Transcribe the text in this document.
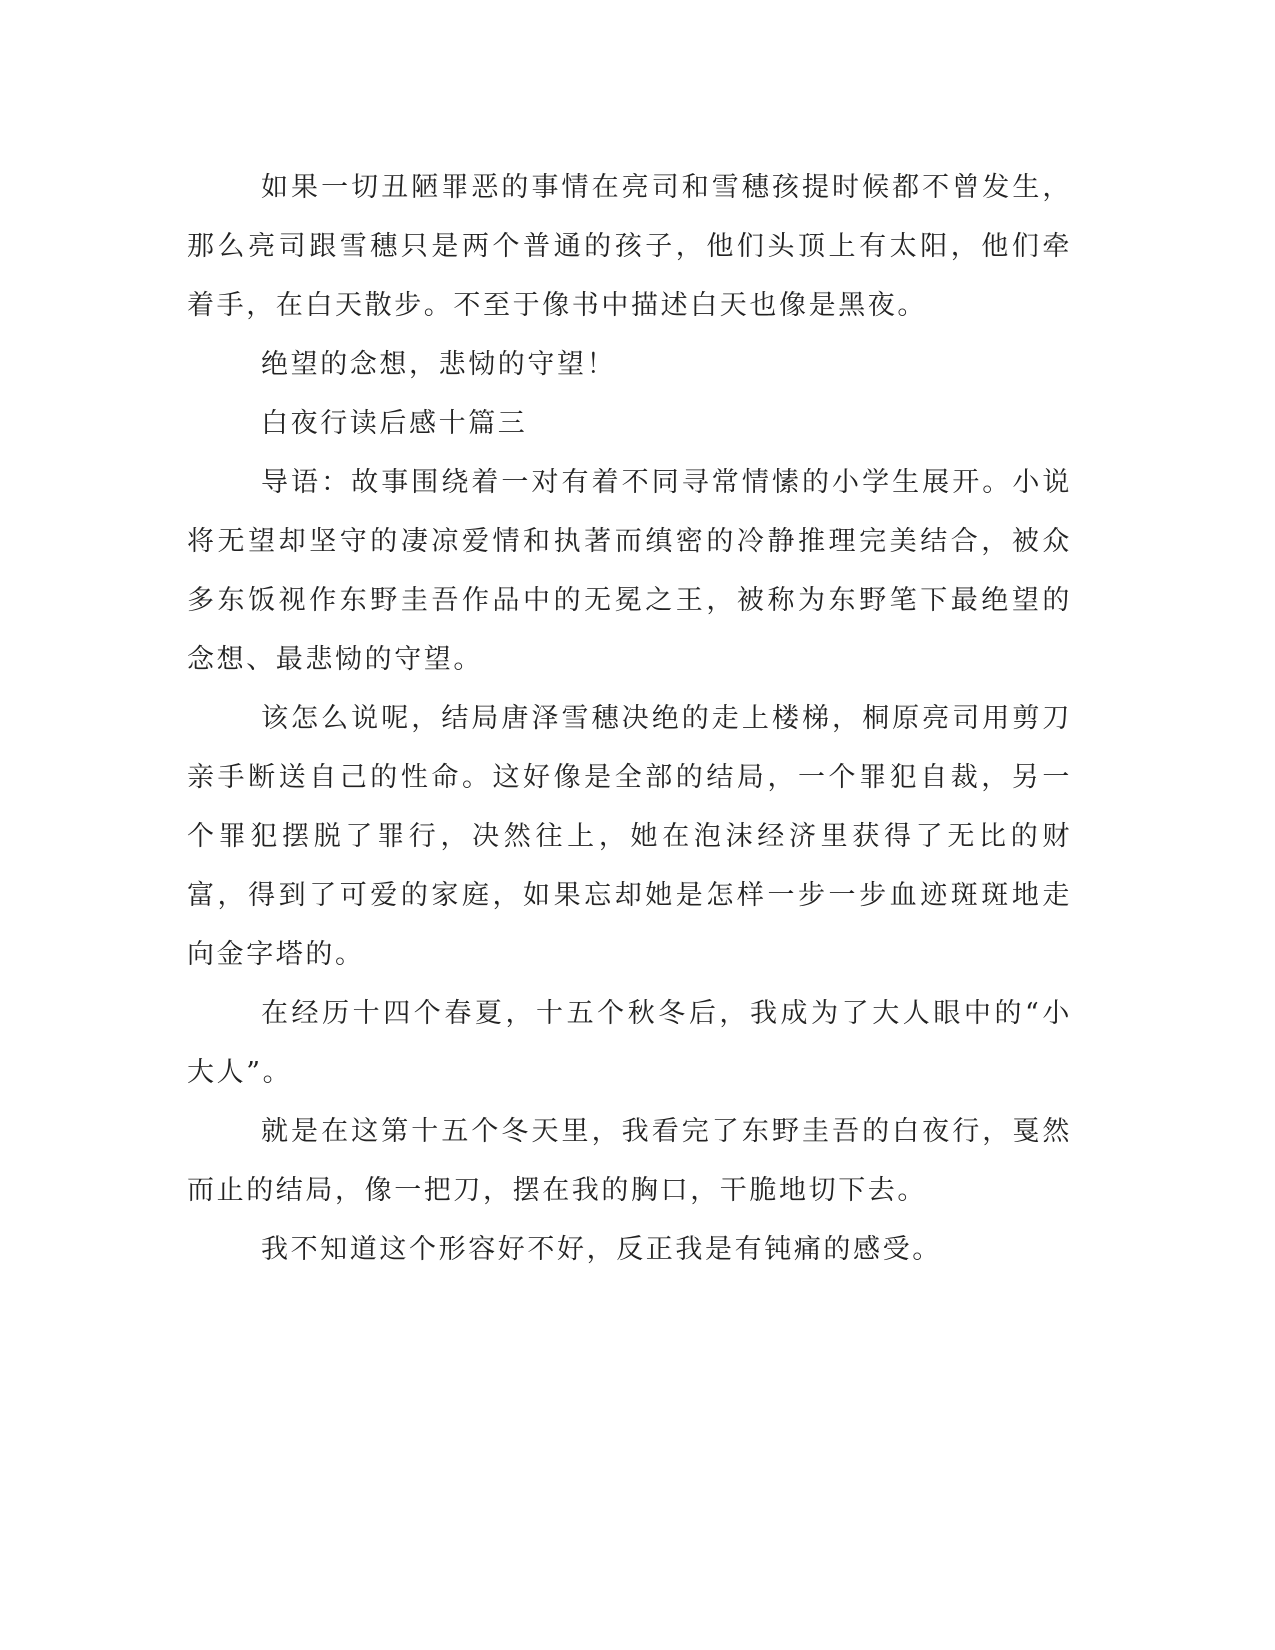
如果一切丑陋罪恶的事情在亮司和雪穗孩提时候都不曾发生，那么亮司跟雪穗只是两个普通的孩子，他们头顶上有太阳，他们牵着手，在白天散步。不至于像书中描述白天也像是黑夜。

绝望的念想，悲恸的守望！

白夜行读后感十篇三

导语：故事围绕着一对有着不同寻常情愫的小学生展开。小说将无望却坚守的凄凉爱情和执著而缜密的冷静推理完美结合，被众多东饭视作东野圭吾作品中的无冕之王，被称为东野笔下最绝望的念想、最悲恸的守望。

该怎么说呢，结局唐泽雪穗决绝的走上楼梯，桐原亮司用剪刀亲手断送自己的性命。这好像是全部的结局，一个罪犯自裁，另一个罪犯摆脱了罪行，决然往上，她在泡沫经济里获得了无比的财富，得到了可爱的家庭，如果忘却她是怎样一步一步血迹斑斑地走向金字塔的。

在经历十四个春夏，十五个秋冬后，我成为了大人眼中的“小大人”。

就是在这第十五个冬天里，我看完了东野圭吾的白夜行，戛然而止的结局，像一把刀，摆在我的胸口，干脆地切下去。

我不知道这个形容好不好，反正我是有钝痛的感受。
